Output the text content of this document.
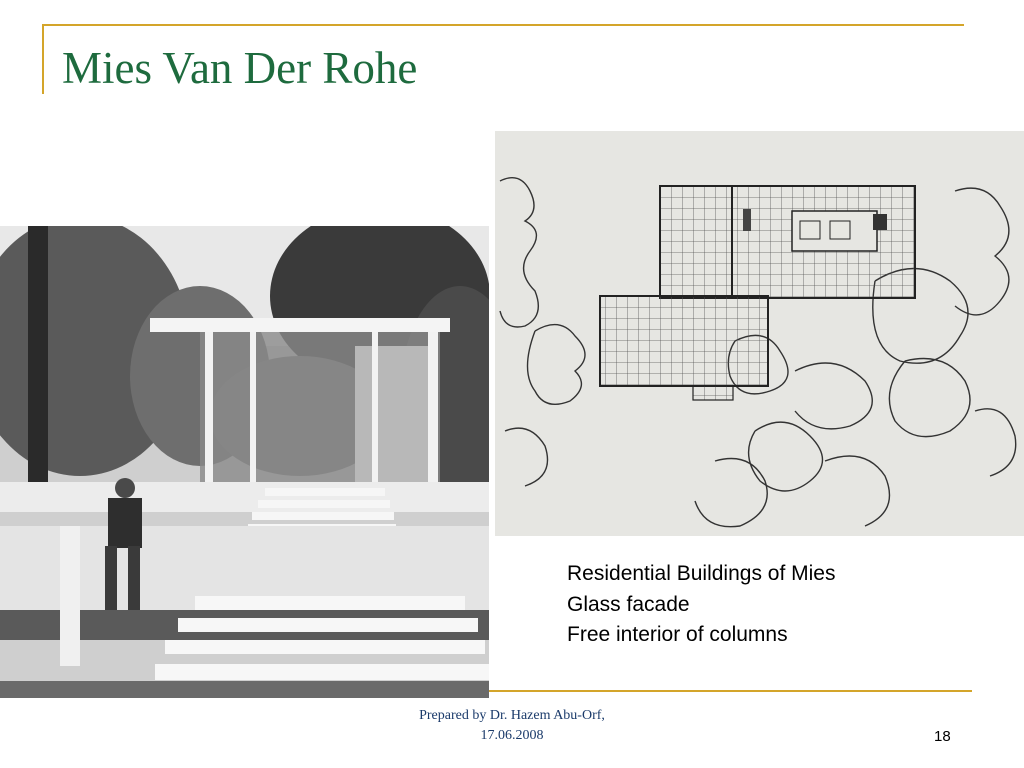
Mies Van Der Rohe
Residential Buildings of Mies
Glass facade
Free interior of columns
Prepared by Dr. Hazem Abu-Orf,
17.06.2008	18
